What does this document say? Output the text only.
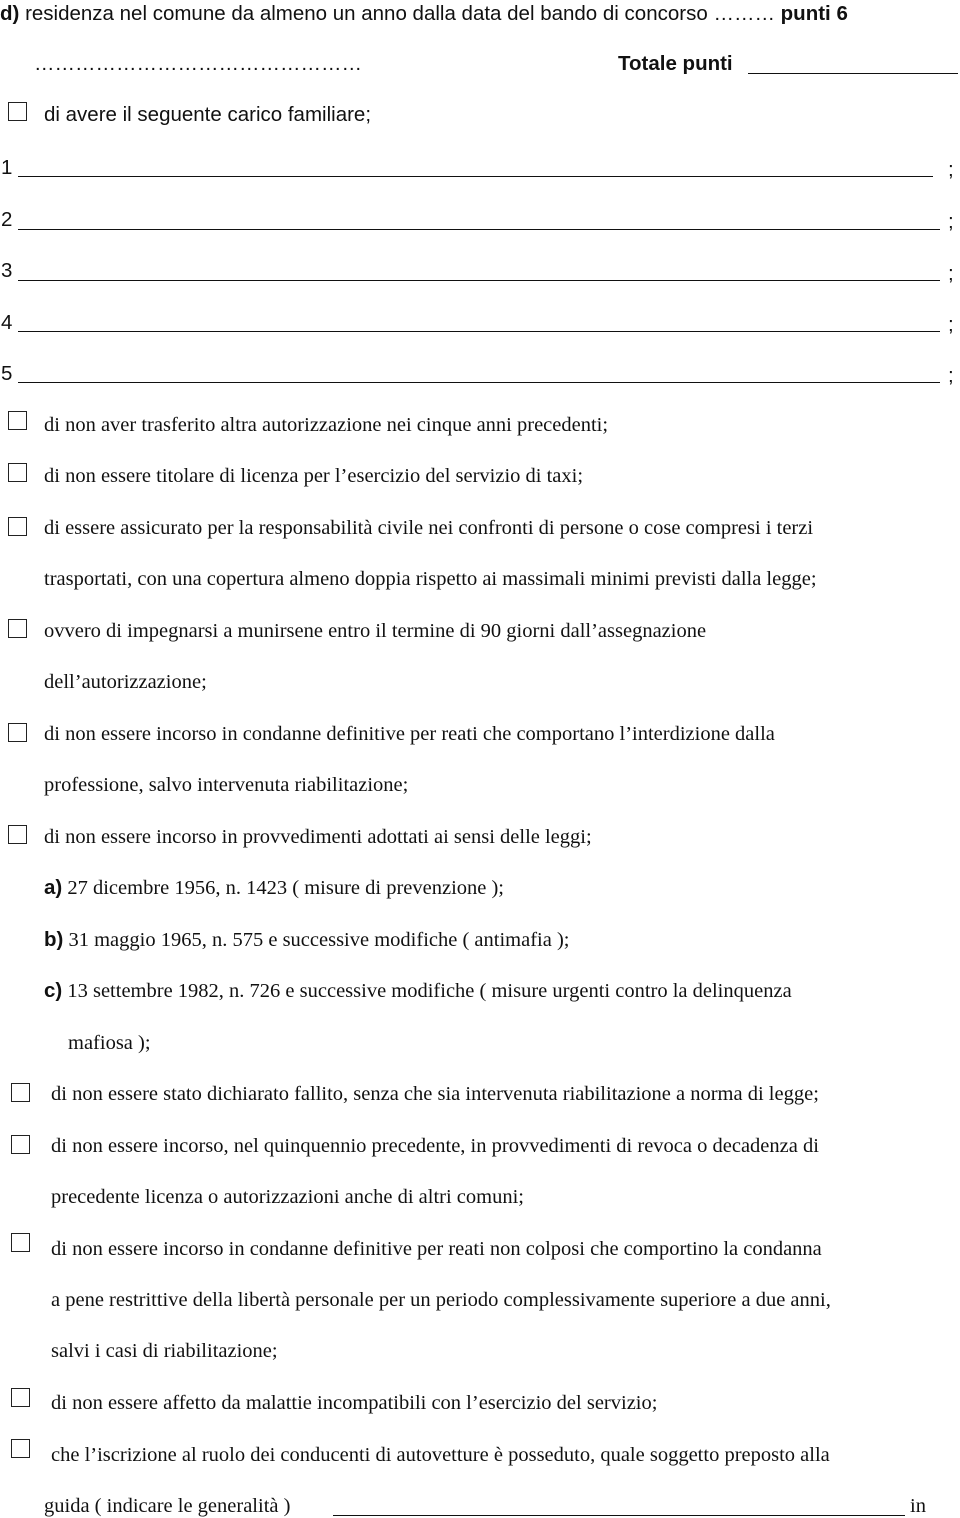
d) residenza nel comune da almeno un anno dalla data del bando di concorso ……… punti 6
…………………………………………	Totale punti
di avere il seguente carico familiare;
1	;
2	;
3	;
4	;
5	;
di non aver trasferito altra autorizzazione nei cinque anni precedenti;
di non essere titolare di licenza per l’esercizio del servizio di taxi;
di essere assicurato per la responsabilità civile nei confronti di persone o cose compresi i terzi
trasportati, con una copertura almeno doppia rispetto ai massimali minimi previsti dalla legge;
ovvero di impegnarsi a munirsene entro il termine di 90 giorni dall’assegnazione
dell’autorizzazione;
di non essere incorso in condanne definitive per reati che comportano l’interdizione dalla
professione, salvo intervenuta riabilitazione;
di non essere incorso in provvedimenti adottati ai sensi delle leggi;
a) 27 dicembre 1956, n. 1423 ( misure di prevenzione );
b) 31 maggio 1965, n. 575 e successive modifiche ( antimafia );
c) 13 settembre 1982, n. 726 e successive modifiche ( misure urgenti contro la delinquenza
mafiosa );
di non essere stato dichiarato fallito, senza che sia intervenuta riabilitazione a norma di legge;
di non essere incorso, nel quinquennio precedente, in provvedimenti di revoca o decadenza di
precedente licenza o autorizzazioni anche di altri comuni;
di non essere incorso in condanne definitive per reati non colposi che comportino la condanna
a pene restrittive della libertà personale per un periodo complessivamente superiore a due anni,
salvi i casi di riabilitazione;
di non essere affetto da malattie incompatibili con l’esercizio del servizio;
che l’iscrizione al ruolo dei conducenti di autovetture è posseduto, quale soggetto preposto alla
guida ( indicare le generalità )	in
